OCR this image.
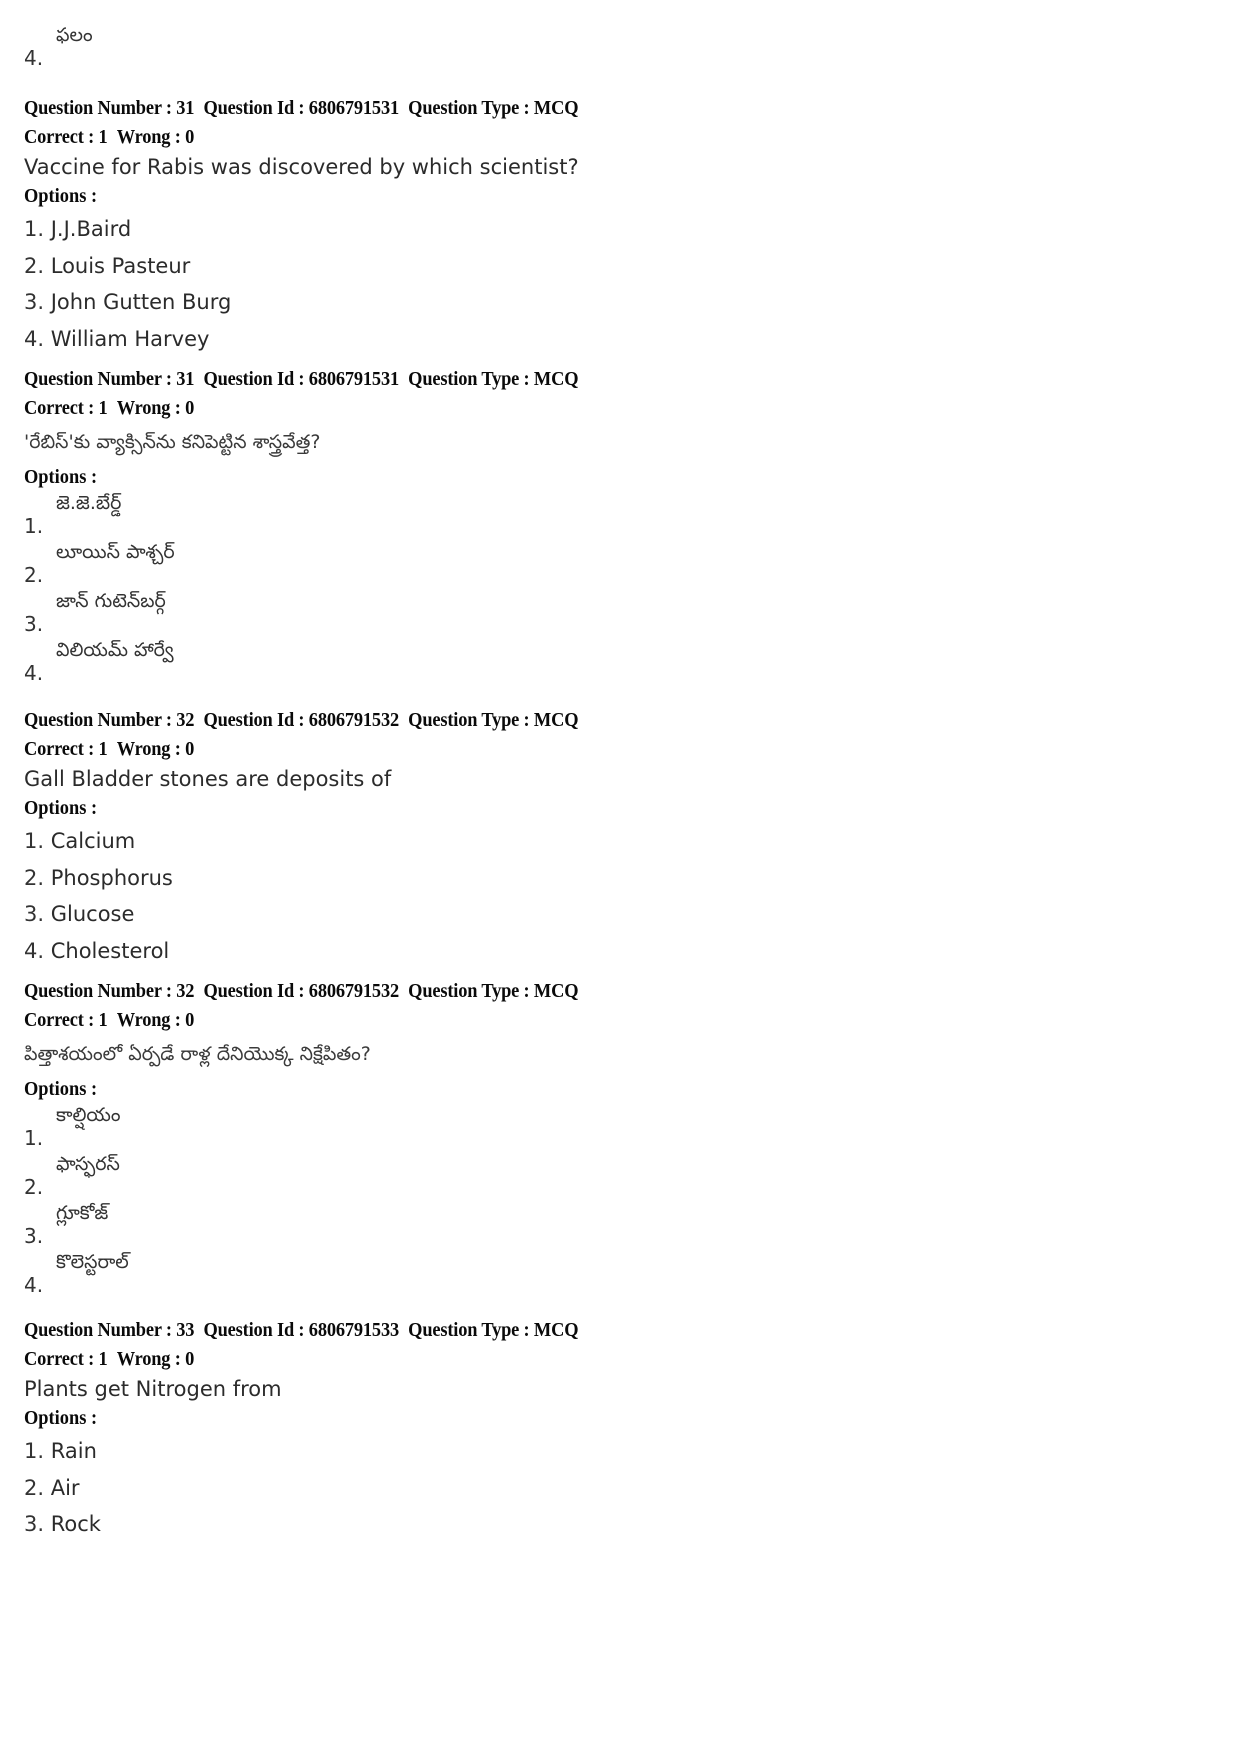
4.
ఫలం
Question Number : 31 Question Id : 6806791531 Question Type : MCQ
Correct : 1 Wrong : 0
Vaccine for Rabis was discovered by which scientist?
Options :
1. J.J.Baird
2. Louis Pasteur
3. John Gutten Burg
4. William Harvey
Question Number : 31 Question Id : 6806791531 Question Type : MCQ
Correct : 1 Wrong : 0
'రేబిస్'కు వ్యాక్సిన్‌ను కనిపెట్టిన శాస్త్రవేత్త?
Options :
1.
జె.జె.బేర్డ్
2.
లూయిస్ పాశ్చర్
3.
జాన్ గుటెన్‌బర్గ్
4.
విలియమ్ హార్వే
Question Number : 32 Question Id : 6806791532 Question Type : MCQ
Correct : 1 Wrong : 0
Gall Bladder stones are deposits of
Options :
1. Calcium
2. Phosphorus
3. Glucose
4. Cholesterol
Question Number : 32 Question Id : 6806791532 Question Type : MCQ
Correct : 1 Wrong : 0
పిత్తాశయంలో ఏర్పడే రాళ్ల దేనియొక్క నిక్షేపితం?
Options :
1.
కాల్షియం
2.
ఫాస్ఫరస్
3.
గ్లూకోజ్
4.
కొలెస్టరాల్
Question Number : 33 Question Id : 6806791533 Question Type : MCQ
Correct : 1 Wrong : 0
Plants get Nitrogen from
Options :
1. Rain
2. Air
3. Rock
